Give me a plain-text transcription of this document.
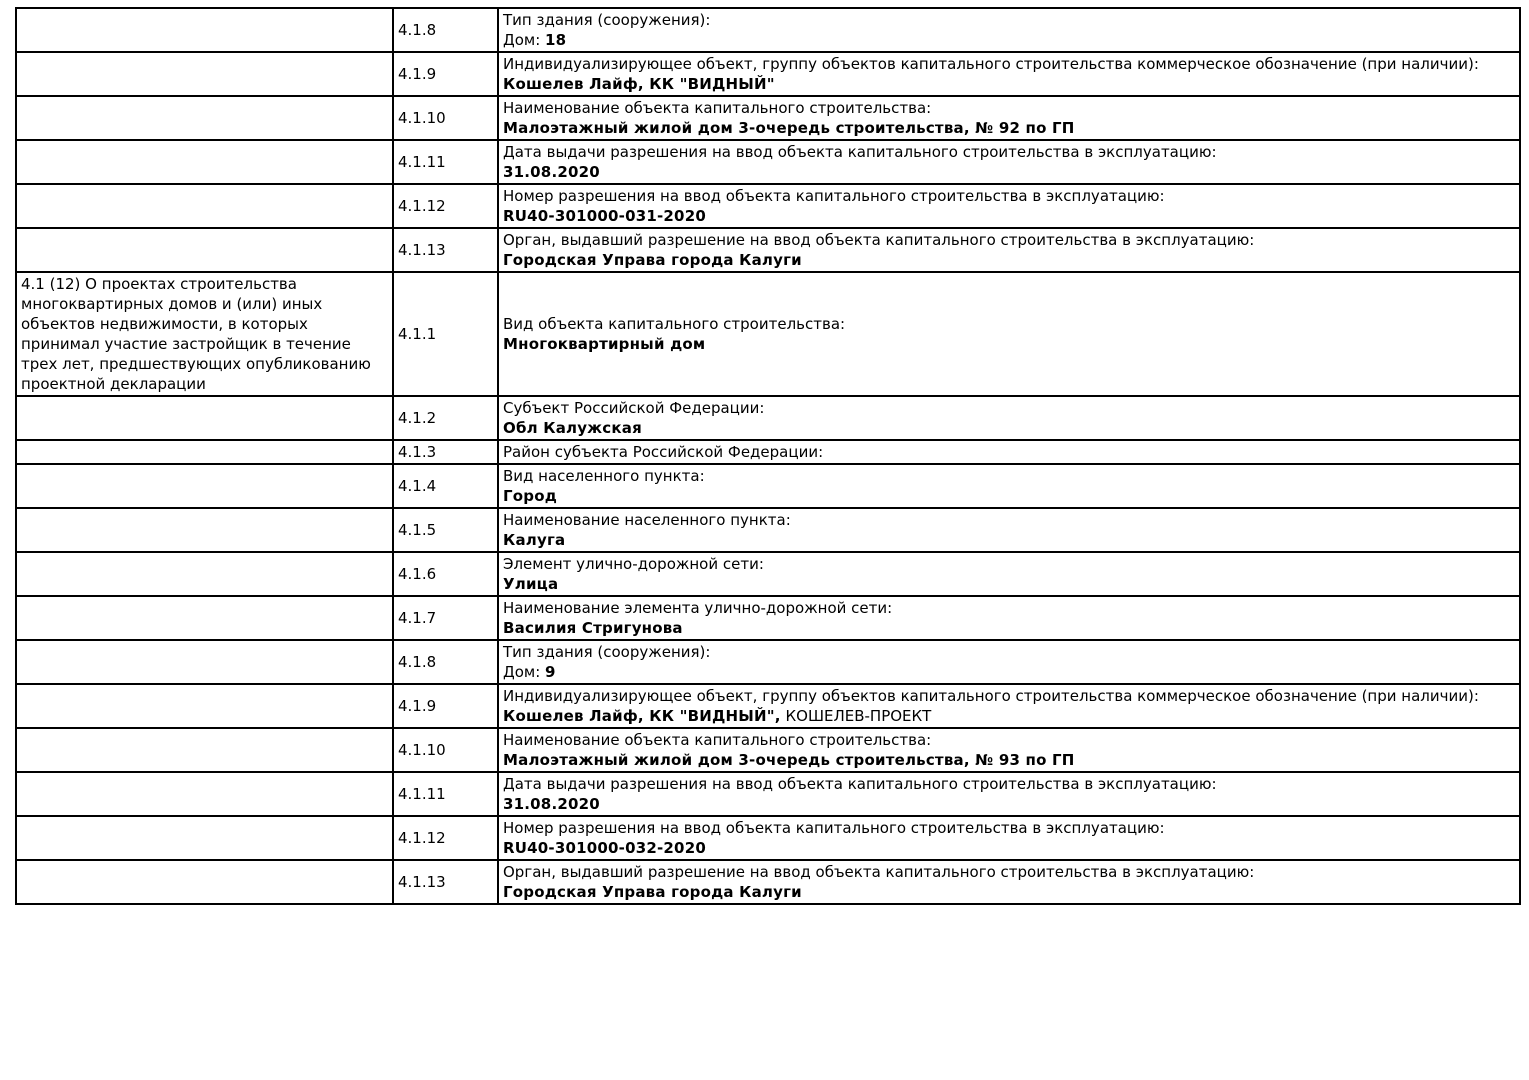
	4.1.8	Тип здания (сооружения):
Дом: 18

	4.1.9	Индивидуализирующее объект, группу объектов капитального строительства коммерческое обозначение (при наличии):
Кошелев Лайф, КК "ВИДНЫЙ"

	4.1.10	Наименование объекта капитального строительства:
Малоэтажный жилой дом 3-очередь строительства, № 92 по ГП

	4.1.11	Дата выдачи разрешения на ввод объекта капитального строительства в эксплуатацию:
31.08.2020

	4.1.12	Номер разрешения на ввод объекта капитального строительства в эксплуатацию:
RU40-301000-031-2020

	4.1.13	Орган, выдавший разрешение на ввод объекта капитального строительства в эксплуатацию:
Городская Управа города Калуги

4.1 (12) О проектах строительства многоквартирных домов и (или) иных объектов недвижимости, в которых принимал участие застройщик в течение трех лет, предшествующих опубликованию проектной декларации	4.1.1	Вид объекта капитального строительства:
Многоквартирный дом

	4.1.2	Субъект Российской Федерации:
Обл Калужская

	4.1.3	Район субъекта Российской Федерации:

	4.1.4	Вид населенного пункта:
Город

	4.1.5	Наименование населенного пункта:
Калуга

	4.1.6	Элемент улично-дорожной сети:
Улица

	4.1.7	Наименование элемента улично-дорожной сети:
Василия Стригунова

	4.1.8	Тип здания (сооружения):
Дом: 9

	4.1.9	Индивидуализирующее объект, группу объектов капитального строительства коммерческое обозначение (при наличии):
Кошелев Лайф, КК "ВИДНЫЙ", КОШЕЛЕВ-ПРОЕКТ

	4.1.10	Наименование объекта капитального строительства:
Малоэтажный жилой дом 3-очередь строительства, № 93 по ГП

	4.1.11	Дата выдачи разрешения на ввод объекта капитального строительства в эксплуатацию:
31.08.2020

	4.1.12	Номер разрешения на ввод объекта капитального строительства в эксплуатацию:
RU40-301000-032-2020

	4.1.13	Орган, выдавший разрешение на ввод объекта капитального строительства в эксплуатацию:
Городская Управа города Калуги
